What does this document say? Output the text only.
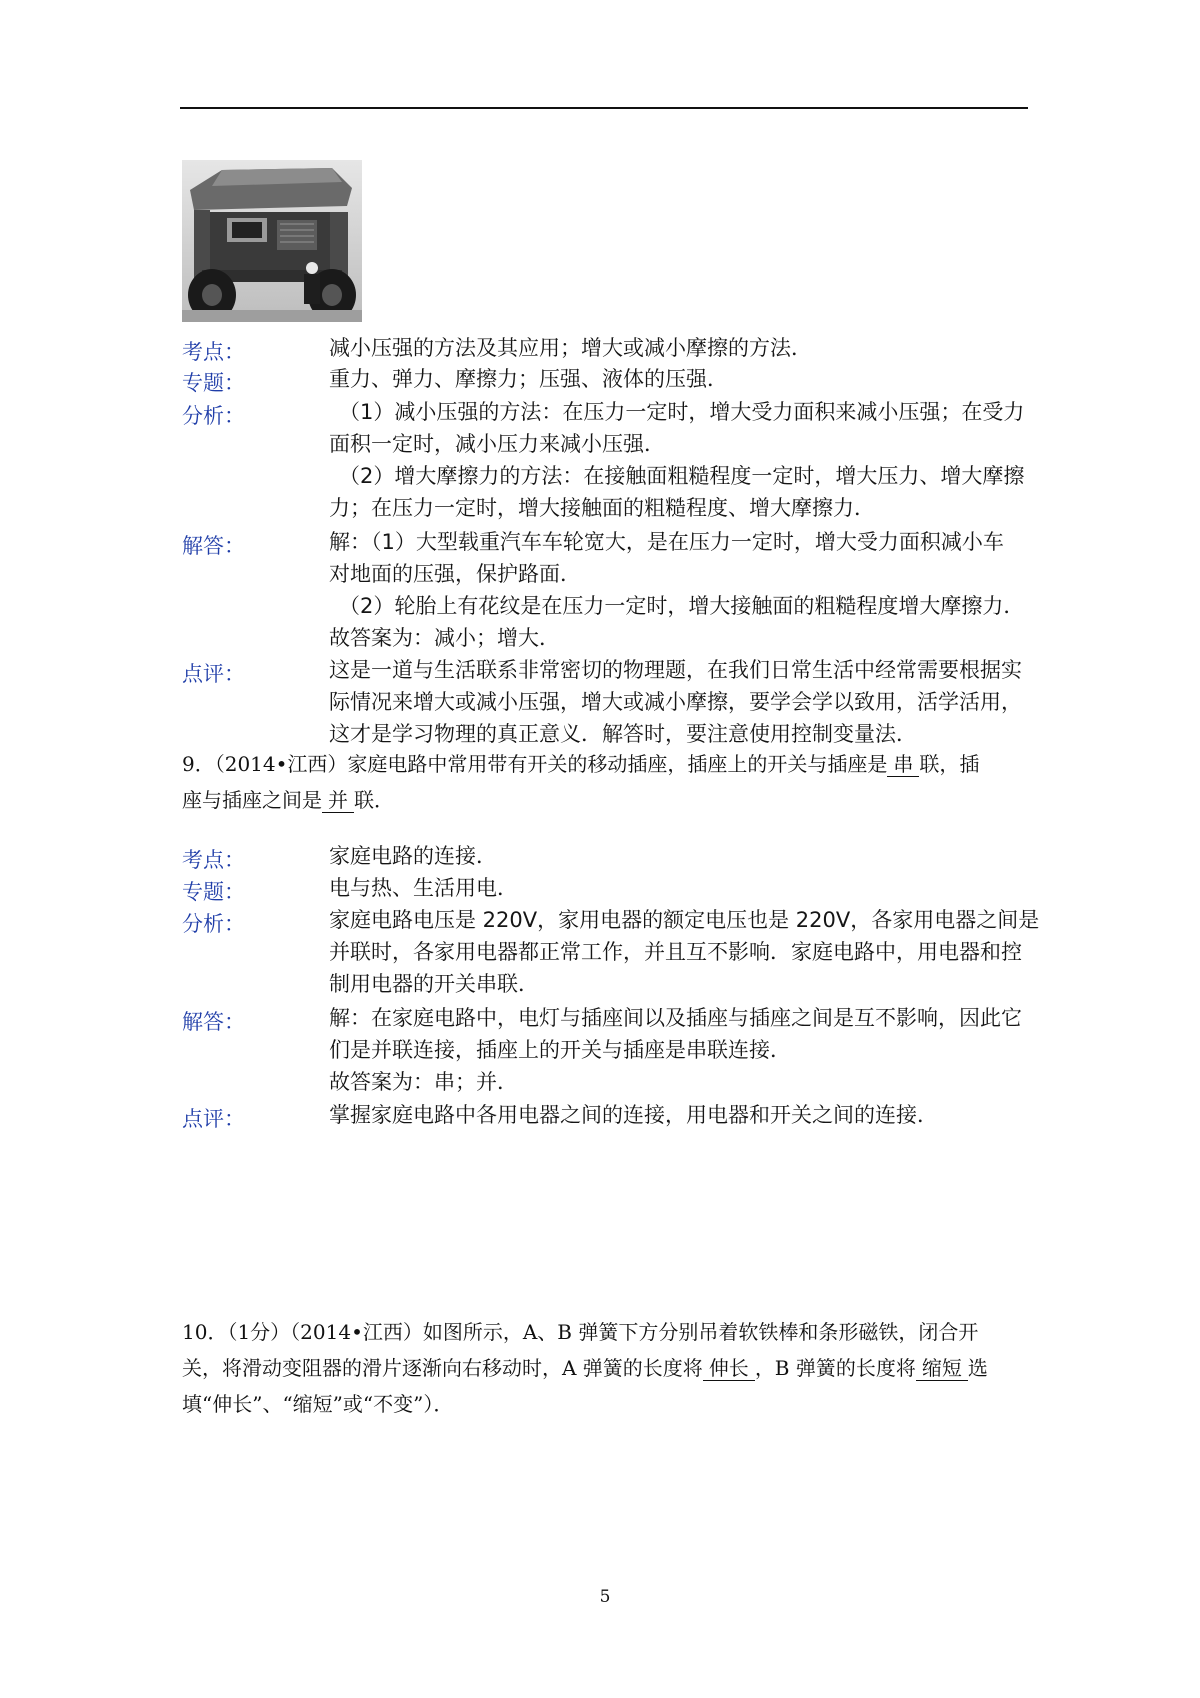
考点：	减小压强的方法及其应用；增大或减小摩擦的方法．
专题：	重力、弹力、摩擦力；压强、液体的压强．
分析：	（1）减小压强的方法：在压力一定时，增大受力面积来减小压强；在受力
面积一定时，减小压力来减小压强．
（2）增大摩擦力的方法：在接触面粗糙程度一定时，增大压力、增大摩擦
力；在压力一定时，增大接触面的粗糙程度、增大摩擦力．
解答：	解：（1）大型载重汽车车轮宽大，是在压力一定时，增大受力面积减小车
对地面的压强，保护路面．
（2）轮胎上有花纹是在压力一定时，增大接触面的粗糙程度增大摩擦力．
故答案为：减小；增大．
点评：	这是一道与生活联系非常密切的物理题，在我们日常生活中经常需要根据实
际情况来增大或减小压强，增大或减小摩擦，要学会学以致用，活学活用，
这才是学习物理的真正意义．解答时，要注意使用控制变量法．
9．（2014•江西）家庭电路中常用带有开关的移动插座，插座上的开关与插座是 串 联，插
座与插座之间是 并 联．
考点：	家庭电路的连接．
专题：	电与热、生活用电．
分析：	家庭电路电压是 220V，家用电器的额定电压也是 220V，各家用电器之间是
并联时，各家用电器都正常工作，并且互不影响．家庭电路中，用电器和控
制用电器的开关串联．
解答：	解：在家庭电路中，电灯与插座间以及插座与插座之间是互不影响，因此它
们是并联连接，插座上的开关与插座是串联连接．
故答案为：串；并．
点评：	掌握家庭电路中各用电器之间的连接，用电器和开关之间的连接．
10．（1分）（2014•江西）如图所示，A、B 弹簧下方分别吊着软铁棒和条形磁铁，闭合开
关，将滑动变阻器的滑片逐渐向右移动时，A 弹簧的长度将 伸长 ，B 弹簧的长度将 缩短 选
填“伸长”、“缩短”或“不变”）．
5
